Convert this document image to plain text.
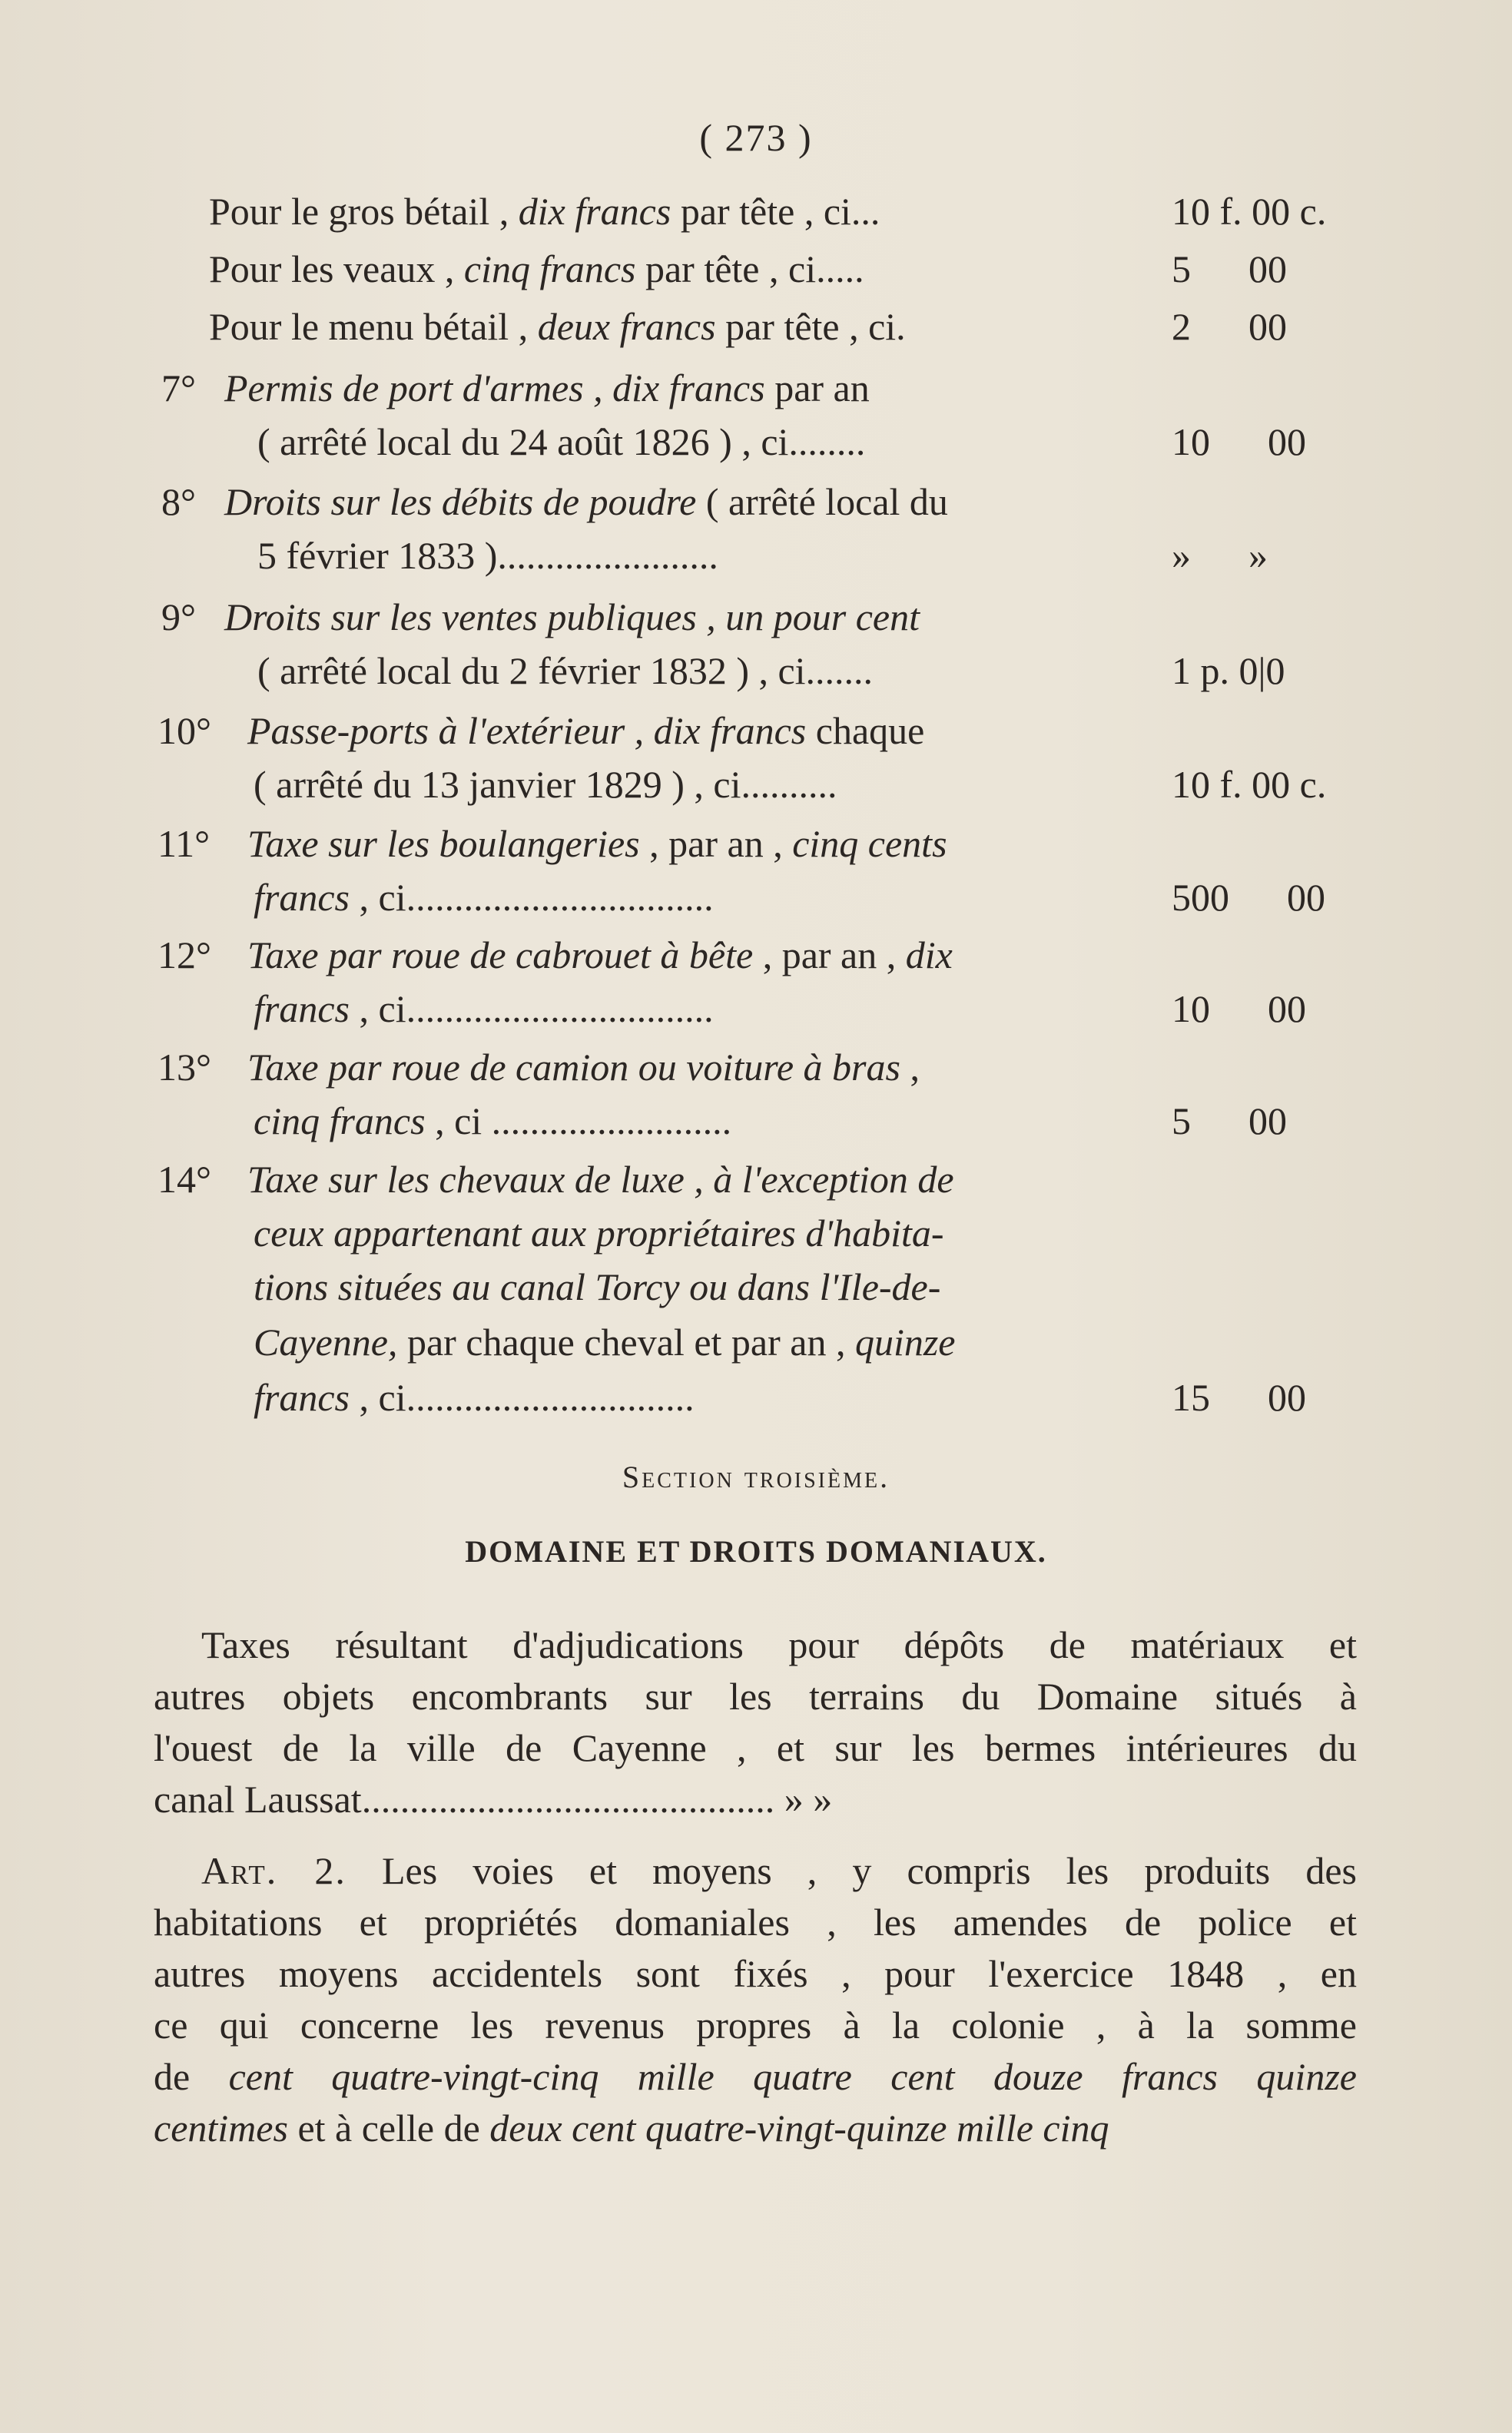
( 273 )
Pour le gros bétail , dix francs par tête , ci...	10 f. 00 c.
Pour les veaux , cinq francs par tête , ci.....	5      00
Pour le menu bétail , deux francs par tête , ci.	2      00
7° Permis de port d'armes , dix francs par an
( arrêté local du 24 août 1826 ) , ci........	10      00
8° Droits sur les débits de poudre ( arrêté local du
5 février 1833 ).......................	»      »
9° Droits sur les ventes publiques , un pour cent
( arrêté local du 2 février 1832 ) , ci.......	1 p. 0|0
10° Passe-ports à l'extérieur , dix francs chaque
( arrêté du 13 janvier 1829 ) , ci..........	10 f. 00 c.
11° Taxe sur les boulangeries , par an , cinq cents
francs , ci................................	500      00
12° Taxe par roue de cabrouet à bête , par an , dix
francs , ci................................	10      00
13° Taxe par roue de camion ou voiture à bras ,
cinq francs , ci .........................	5      00
14° Taxe sur les chevaux de luxe , à l'exception de
ceux appartenant aux propriétaires d'habita-
tions situées au canal Torcy ou dans l'Ile-de-
Cayenne, par chaque cheval et par an , quinze
francs , ci..............................	15      00
Section troisième.
DOMAINE ET DROITS DOMANIAUX.
Taxes résultant d'adjudications pour dépôts de matériaux et
autres objets encombrants sur les terrains du Domaine situés à
l'ouest de la ville de Cayenne , et sur les bermes intérieures du
canal Laussat........................................... » »
Art. 2. Les voies et moyens , y compris les produits des
habitations et propriétés domaniales , les amendes de police et
autres moyens accidentels sont fixés , pour l'exercice 1848 , en
ce qui concerne les revenus propres à la colonie , à la somme
de cent quatre-vingt-cinq mille quatre cent douze francs quinze
centimes et à celle de deux cent quatre-vingt-quinze mille cinq
